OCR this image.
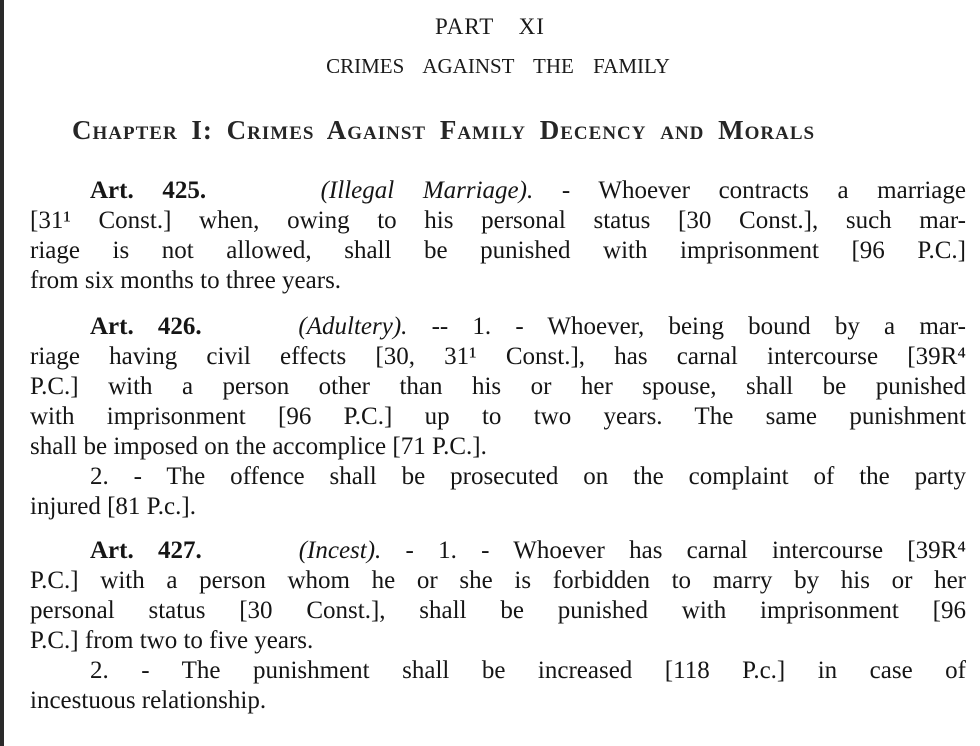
PART XI
CRIMES AGAINST THE FAMILY
Chapter I: Crimes Against Family Decency and Morals
Art. 425.	(Illegal Marriage). - Whoever contracts a marriage
[31¹ Const.] when, owing to his personal status [30 Const.], such mar-
riage is not allowed, shall be punished with imprisonment [96 P.C.]
from six months to three years.
Art. 426.	(Adultery). -- 1. - Whoever, being bound by a mar-
riage having civil effects [30, 31¹ Const.], has carnal intercourse [39R⁴
P.C.] with a person other than his or her spouse, shall be punished
with imprisonment [96 P.C.] up to two years. The same punishment
shall be imposed on the accomplice [71 P.C.].
2. - The offence shall be prosecuted on the complaint of the party
injured [81 P.c.].
Art. 427.	(Incest). - 1. - Whoever has carnal intercourse [39R⁴
P.C.] with a person whom he or she is forbidden to marry by his or her
personal status [30 Const.], shall be punished with imprisonment [96
P.C.] from two to five years.
2. - The punishment shall be increased [118 P.c.] in case of
incestuous relationship.
